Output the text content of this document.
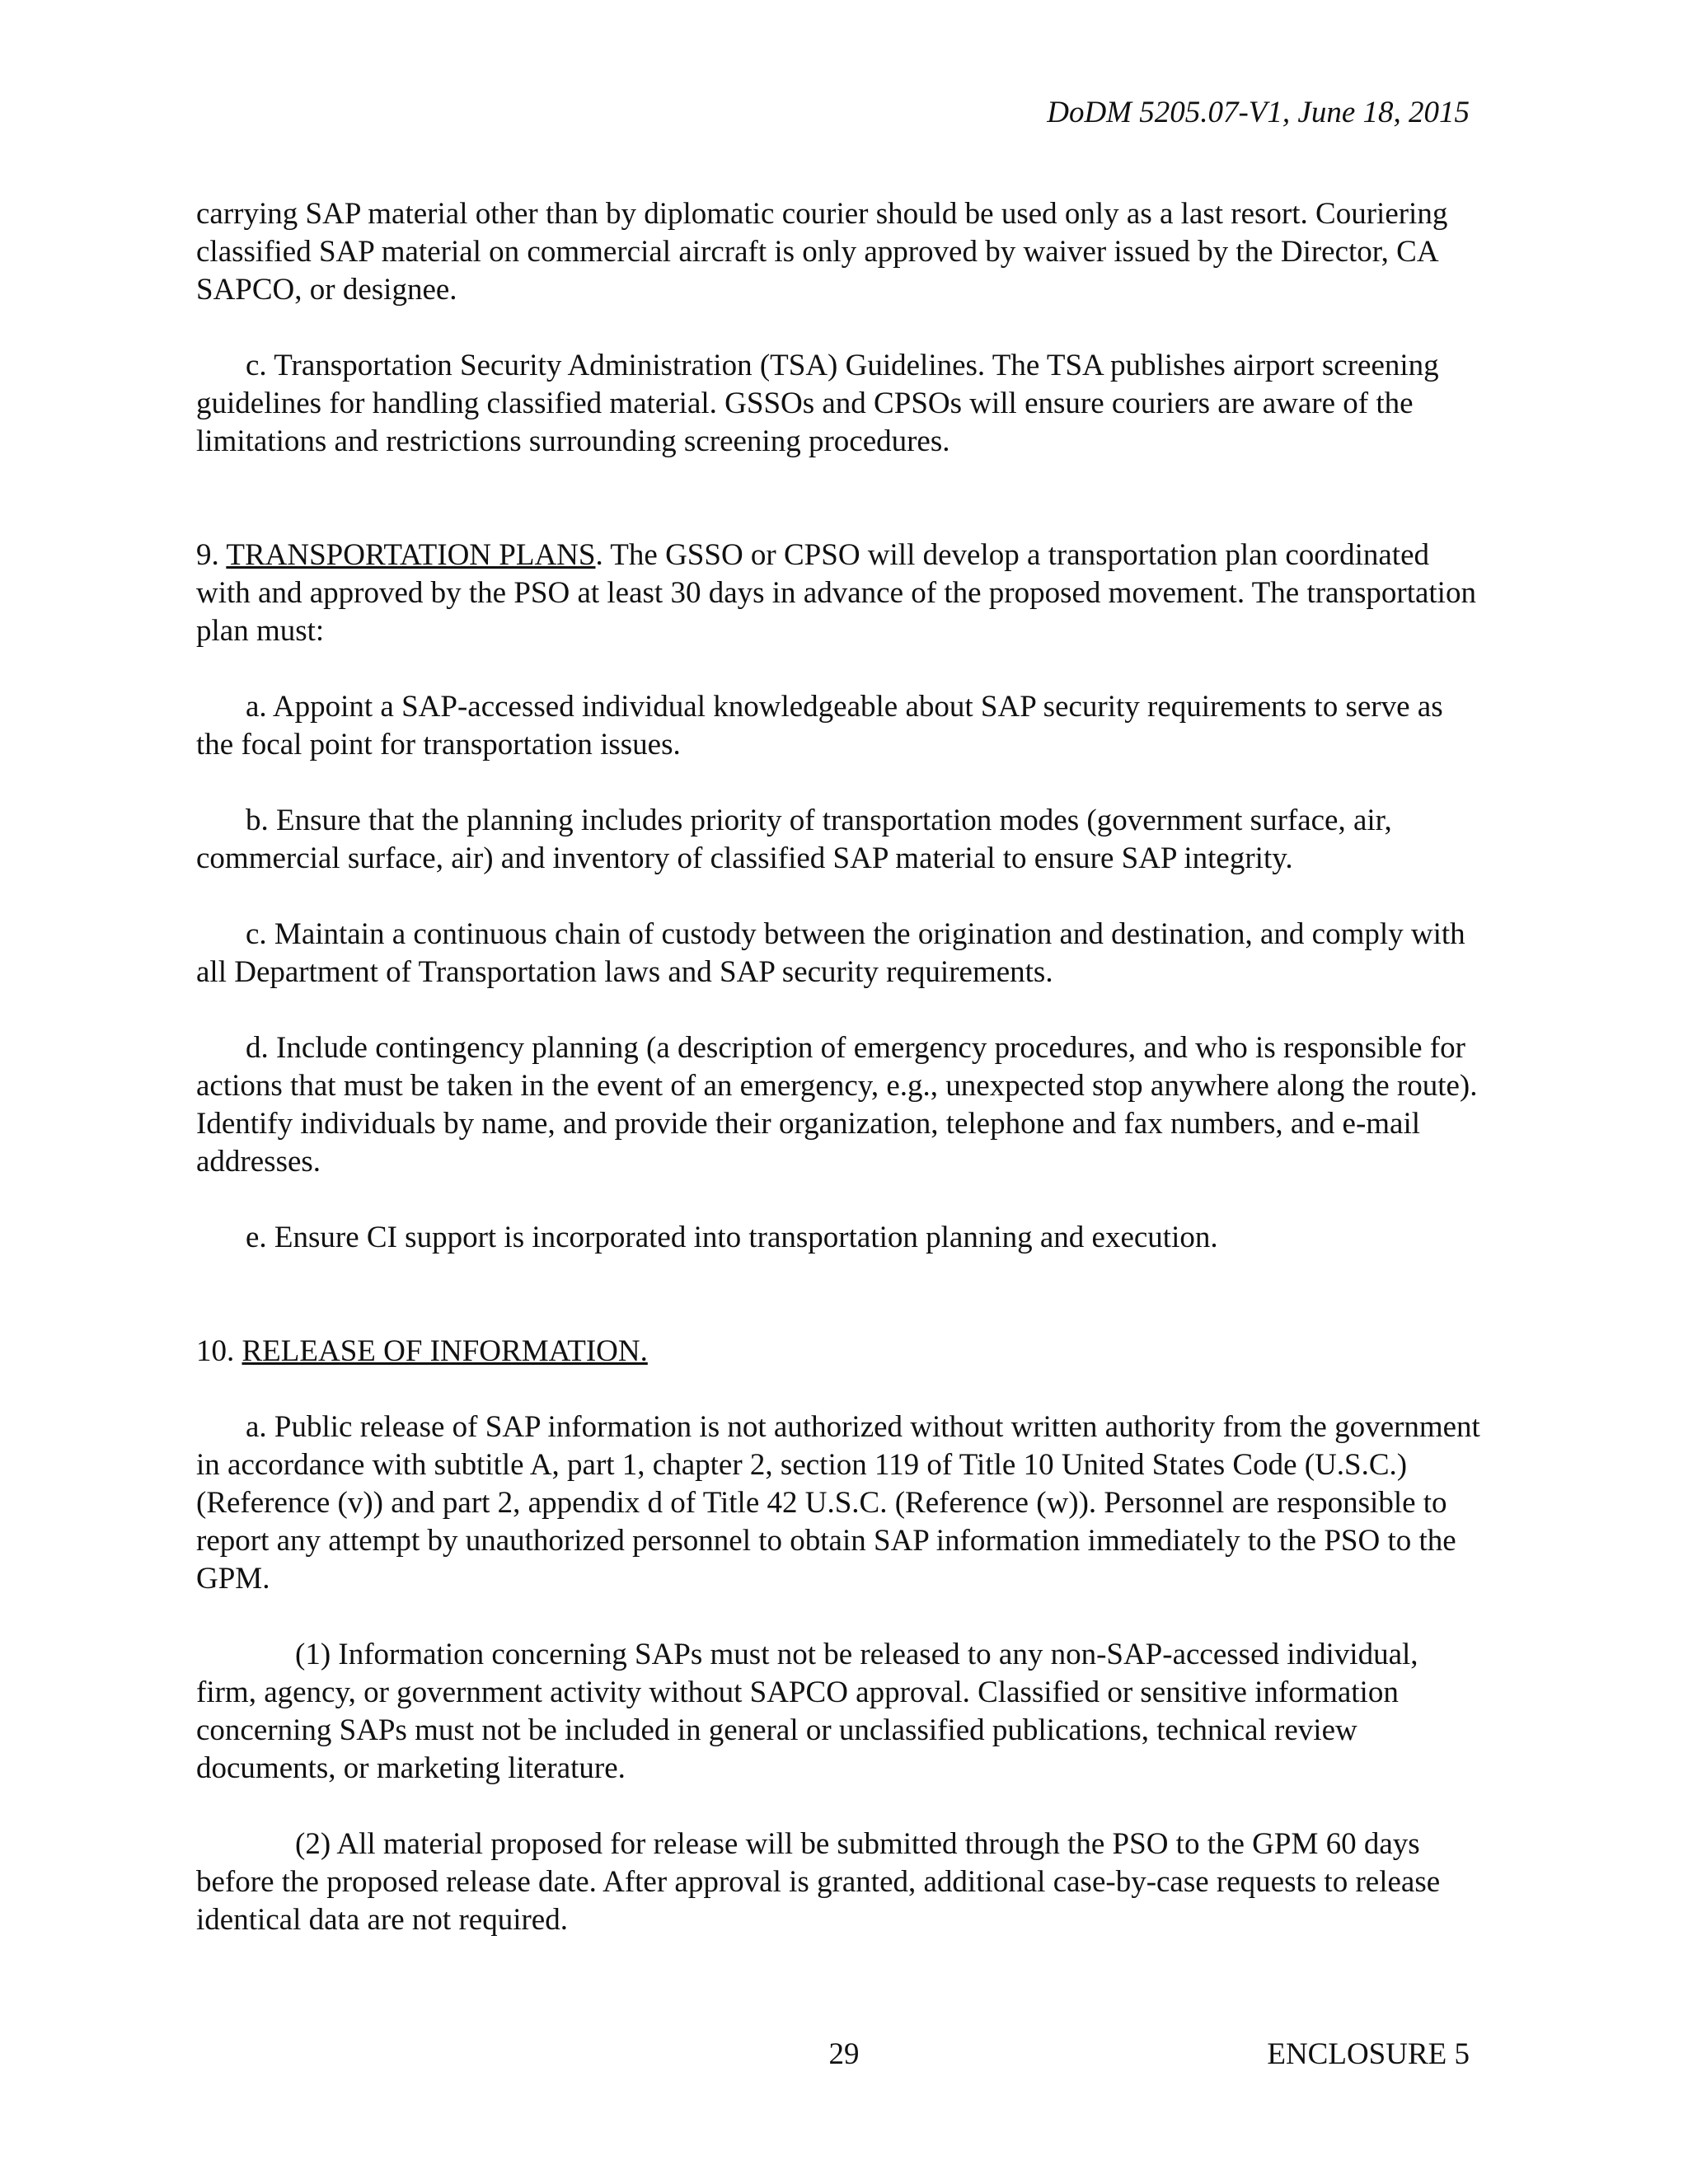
DoDM 5205.07-V1, June 18, 2015

carrying SAP material other than by diplomatic courier should be used only as a last resort. Couriering classified SAP material on commercial aircraft is only approved by waiver issued by the Director, CA SAPCO, or designee.

c. Transportation Security Administration (TSA) Guidelines. The TSA publishes airport screening guidelines for handling classified material. GSSOs and CPSOs will ensure couriers are aware of the limitations and restrictions surrounding screening procedures.

9. TRANSPORTATION PLANS. The GSSO or CPSO will develop a transportation plan coordinated with and approved by the PSO at least 30 days in advance of the proposed movement. The transportation plan must:

a. Appoint a SAP-accessed individual knowledgeable about SAP security requirements to serve as the focal point for transportation issues.

b. Ensure that the planning includes priority of transportation modes (government surface, air, commercial surface, air) and inventory of classified SAP material to ensure SAP integrity.

c. Maintain a continuous chain of custody between the origination and destination, and comply with all Department of Transportation laws and SAP security requirements.

d. Include contingency planning (a description of emergency procedures, and who is responsible for actions that must be taken in the event of an emergency, e.g., unexpected stop anywhere along the route). Identify individuals by name, and provide their organization, telephone and fax numbers, and e-mail addresses.

e. Ensure CI support is incorporated into transportation planning and execution.

10. RELEASE OF INFORMATION.

a. Public release of SAP information is not authorized without written authority from the government in accordance with subtitle A, part 1, chapter 2, section 119 of Title 10 United States Code (U.S.C.) (Reference (v)) and part 2, appendix d of Title 42 U.S.C. (Reference (w)). Personnel are responsible to report any attempt by unauthorized personnel to obtain SAP information immediately to the PSO to the GPM.

(1) Information concerning SAPs must not be released to any non-SAP-accessed individual, firm, agency, or government activity without SAPCO approval. Classified or sensitive information concerning SAPs must not be included in general or unclassified publications, technical review documents, or marketing literature.

(2) All material proposed for release will be submitted through the PSO to the GPM 60 days before the proposed release date. After approval is granted, additional case-by-case requests to release identical data are not required.

29	ENCLOSURE 5
